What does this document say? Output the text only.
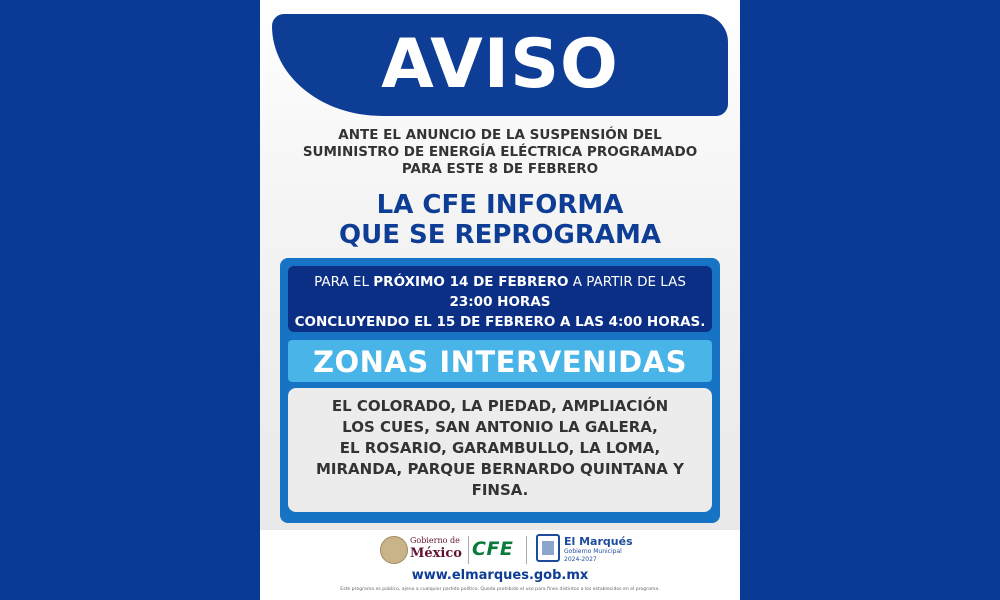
AVISO
ANTE EL ANUNCIO DE LA SUSPENSIÓN DEL
SUMINISTRO DE ENERGÍA ELÉCTRICA PROGRAMADO
PARA ESTE 8 DE FEBRERO
LA CFE INFORMA
QUE SE REPROGRAMA
PARA EL PRÓXIMO 14 DE FEBRERO A PARTIR DE LAS
23:00 HORAS
CONCLUYENDO EL 15 DE FEBRERO A LAS 4:00 HORAS.
ZONAS INTERVENIDAS
EL COLORADO, LA PIEDAD, AMPLIACIÓN
LOS CUES, SAN ANTONIO LA GALERA,
EL ROSARIO, GARAMBULLO, LA LOMA,
MIRANDA, PARQUE BERNARDO QUINTANA Y
FINSA.
Gobierno de
México CFE	El Marqués
Gobierno Municipal
2024-2027
www.elmarques.gob.mx
Este programa es público, ajeno a cualquier partido político. Queda prohibido el uso para fines distintos a los establecidos en el programa.
